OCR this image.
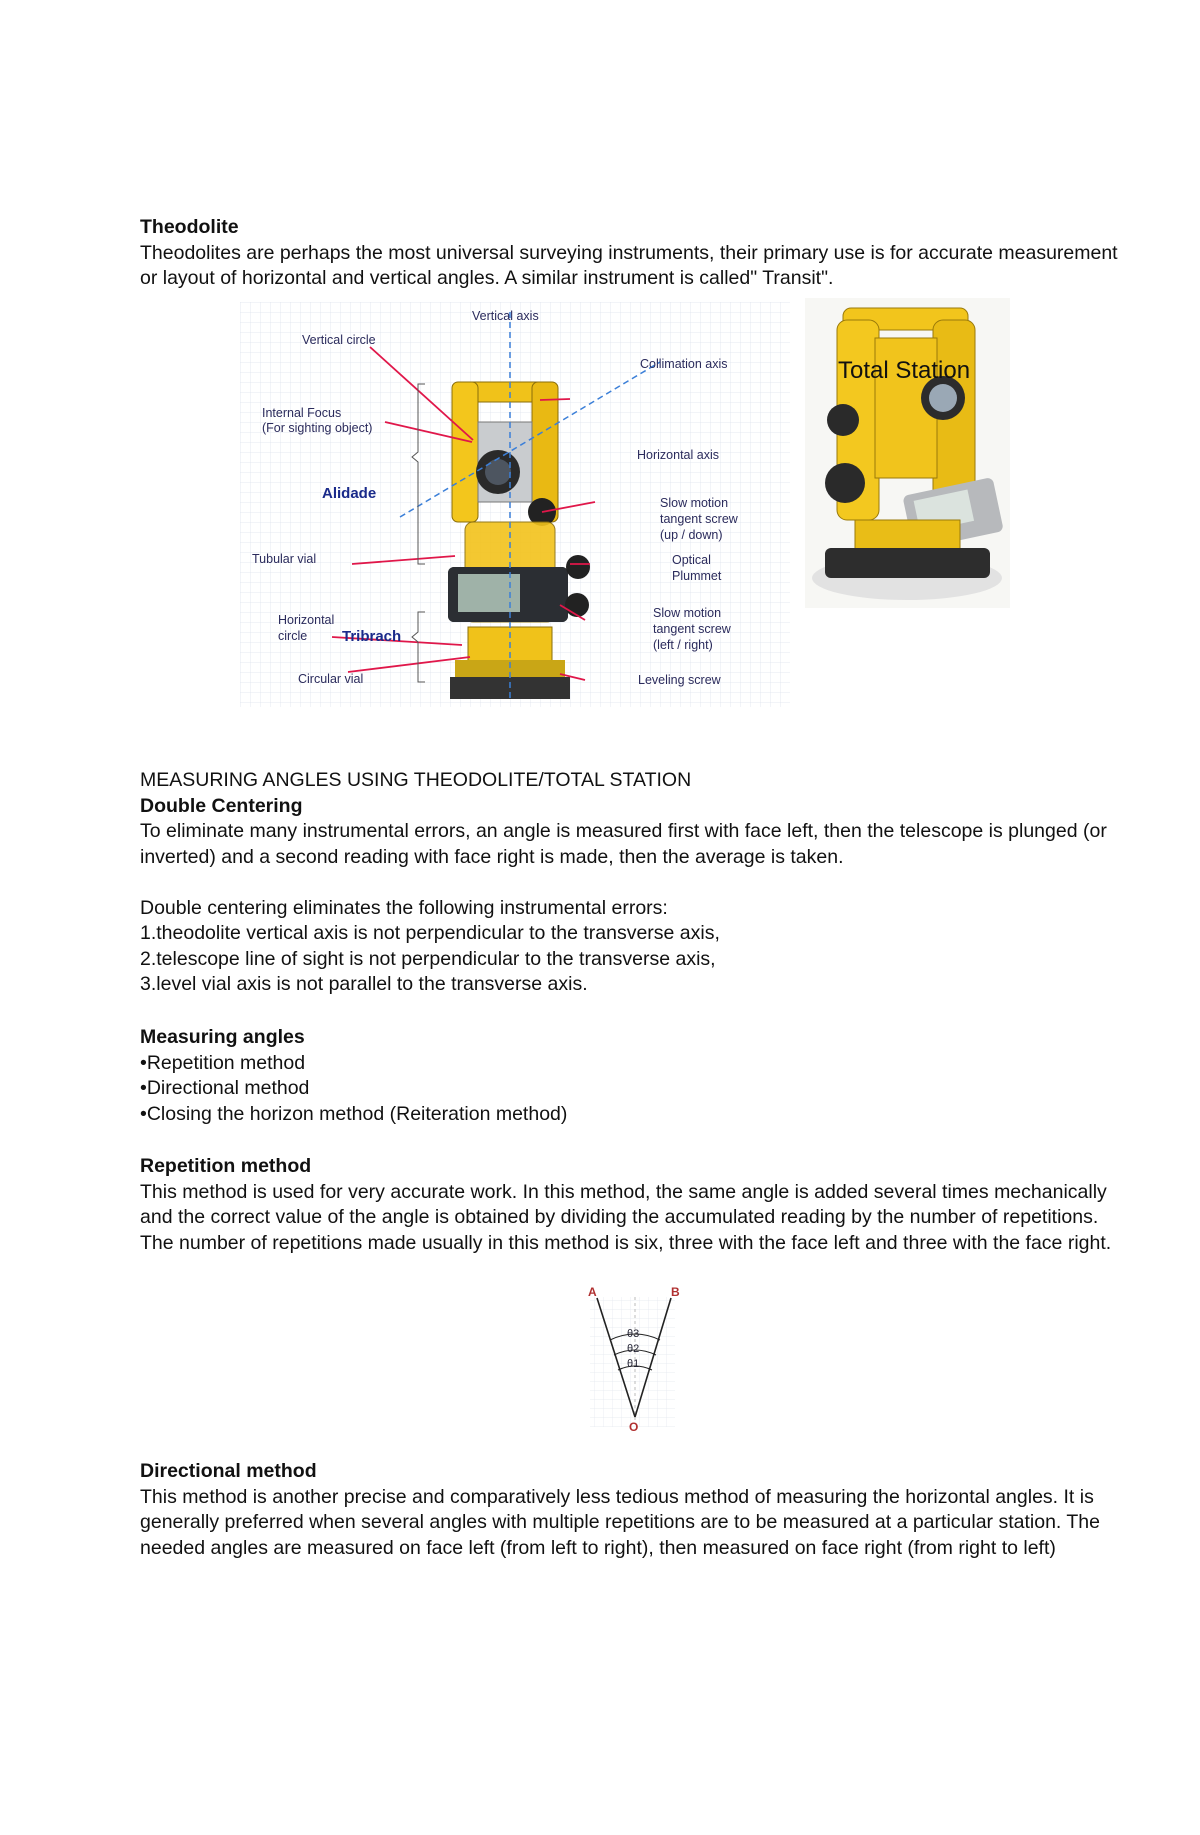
Theodolite

Theodolites are perhaps the most universal surveying instruments, their primary use is for accurate measurement or layout of horizontal and vertical angles. A similar instrument is called" Transit".

Vertical axis
Vertical circle
Collimation axis
Internal Focus
(For sighting object)
Horizontal axis
Slow motion
tangent screw
(up / down)
Tubular vial	Optical
Plummet
Horizontal
circle
Slow motion
tangent screw
(left / right)
Circular vial	Leveling screw
Alidade
Tribrach
Total Station

MEASURING ANGLES USING THEODOLITE/TOTAL STATION

Double Centering

To eliminate many instrumental errors, an angle is measured first with face left, then the telescope is plunged (or inverted) and a second reading with face right is made, then the average is taken.

Double centering eliminates the following instrumental errors:

1.theodolite vertical axis is not perpendicular to the transverse axis,

2.telescope line of sight is not perpendicular to the transverse axis,

3.level vial axis is not parallel to the transverse axis.

Measuring angles

•Repetition method

•Directional method

•Closing the horizon method (Reiteration method)

Repetition method

This method is used for very accurate work. In this method, the same angle is added several times mechanically and the correct value of the angle is obtained by dividing the accumulated reading by the number of repetitions. The number of repetitions made usually in this method is six, three with the face left and three with the face right.

A	B
O
θ3
θ2
θ1

Directional method

This method is another precise and comparatively less tedious method of measuring the horizontal angles. It is generally preferred when several angles with multiple repetitions are to be measured at a particular station. The needed angles are measured on face left (from left to right), then measured on face right (from right to left)
